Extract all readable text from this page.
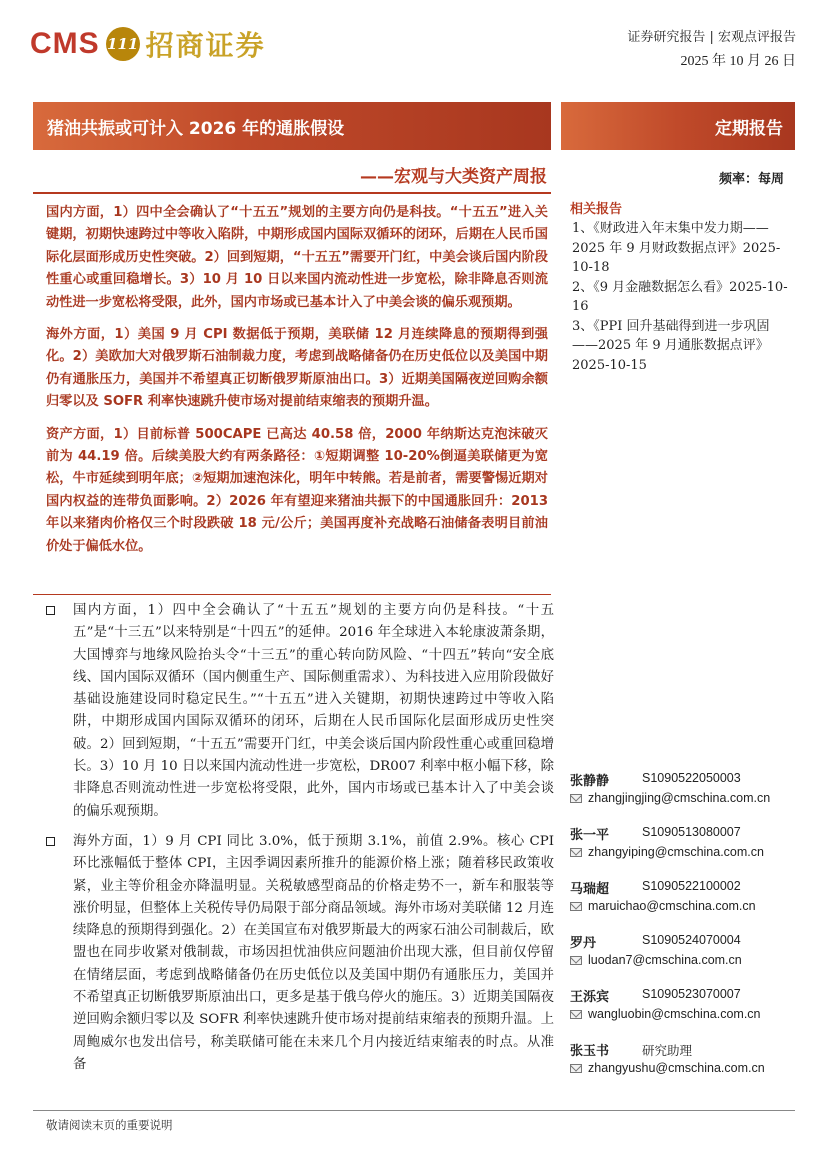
CMS 111 招商证券	证券研究报告 | 宏观点评报告
2025 年 10 月 26 日
猪油共振或可计入 2026 年的通胀假设	定期报告
——宏观与大类资产周报	频率：每周

国内方面，1）四中全会确认了“十五五”规划的主要方向仍是科技。“十五五”进入关键期，初期快速跨过中等收入陷阱，中期形成国内国际双循环的闭环，后期在人民币国际化层面形成历史性突破。2）回到短期，“十五五”需要开门红，中美会谈后国内阶段性重心或重回稳增长。3）10 月 10 日以来国内流动性进一步宽松，除非降息否则流动性进一步宽松将受限，此外，国内市场或已基本计入了中美会谈的偏乐观预期。

海外方面，1）美国 9 月 CPI 数据低于预期，美联储 12 月连续降息的预期得到强化。2）美欧加大对俄罗斯石油制裁力度，考虑到战略储备仍在历史低位以及美国中期仍有通胀压力，美国并不希望真正切断俄罗斯原油出口。3）近期美国隔夜逆回购余额归零以及 SOFR 利率快速跳升使市场对提前结束缩表的预期升温。

资产方面，1）目前标普 500CAPE 已高达 40.58 倍，2000 年纳斯达克泡沫破灭前为 44.19 倍。后续美股大约有两条路径：①短期调整 10-20%倒逼美联储更为宽松，牛市延续到明年底；②短期加速泡沫化，明年中转熊。若是前者，需要警惕近期对国内权益的连带负面影响。2）2026 年有望迎来猪油共振下的中国通胀回升：2013 年以来猪肉价格仅三个时段跌破 18 元/公斤；美国再度补充战略石油储备表明目前油价处于偏低水位。

国内方面，1）四中全会确认了“十五五”规划的主要方向仍是科技。“十五五”是“十三五”以来特别是“十四五”的延伸。2016 年全球进入本轮康波萧条期，大国博弈与地缘风险抬头令“十三五”的重心转向防风险、“十四五”转向“安全底线、国内国际双循环（国内侧重生产、国际侧重需求）、为科技进入应用阶段做好基础设施建设同时稳定民生。”“十五五”进入关键期，初期快速跨过中等收入陷阱，中期形成国内国际双循环的闭环，后期在人民币国际化层面形成历史性突破。2）回到短期，“十五五”需要开门红，中美会谈后国内阶段性重心或重回稳增长。3）10 月 10 日以来国内流动性进一步宽松，DR007 利率中枢小幅下移，除非降息否则流动性进一步宽松将受限，此外，国内市场或已基本计入了中美会谈的偏乐观预期。
海外方面，1）9 月 CPI 同比 3.0%，低于预期 3.1%，前值 2.9%。核心 CPI 环比涨幅低于整体 CPI，主因季调因素所推升的能源价格上涨；随着移民政策收紧，业主等价租金亦降温明显。关税敏感型商品的价格走势不一，新车和服装等涨价明显，但整体上关税传导仍局限于部分商品领域。海外市场对美联储 12 月连续降息的预期得到强化。2）在美国宣布对俄罗斯最大的两家石油公司制裁后，欧盟也在同步收紧对俄制裁，市场因担忧油供应问题油价出现大涨，但目前仅停留在情绪层面，考虑到战略储备仍在历史低位以及美国中期仍有通胀压力，美国并不希望真正切断俄罗斯原油出口，更多是基于俄乌停火的施压。3）近期美国隔夜逆回购余额归零以及 SOFR 利率快速跳升使市场对提前结束缩表的预期升温。上周鲍威尔也发出信号，称美联储可能在未来几个月内接近结束缩表的时点。从准备
相关报告
1、《财政进入年末集中发力期——2025 年 9 月财政数据点评》2025-10-18
2、《9 月金融数据怎么看》2025-10-16
3、《PPI 回升基础得到进一步巩固——2025 年 9 月通胀数据点评》2025-10-15
张静静	S1090522050003
zhangjingjing@cmschina.com.cn
张一平	S1090513080007
zhangyiping@cmschina.com.cn
马瑞超	S1090522100002
maruichao@cmschina.com.cn
罗丹	S1090524070004
luodan7@cmschina.com.cn
王泺宾	S1090523070007
wangluobin@cmschina.com.cn
张玉书	研究助理
zhangyushu@cmschina.com.cn
敬请阅读末页的重要说明
